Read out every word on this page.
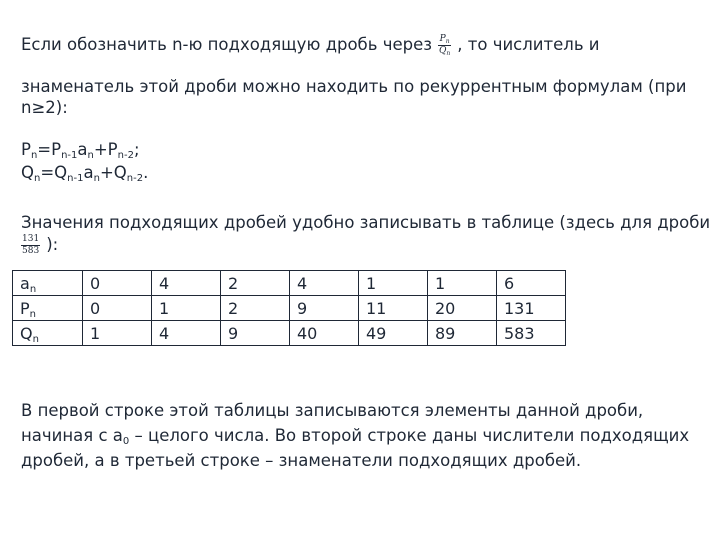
Если обозначить n-ю подходящую дробь через $\frac{P_n}{Q_n}$ , то числитель и
знаменатель этой дроби можно находить по рекуррентным формулам (при
n≥2):
$P_n=P_{n-1}a_n+P_{n-2}$;
$Q_n=Q_{n-1}a_n+Q_{n-2}$.
Значения подходящих дробей удобно записывать в таблице (здесь для дроби
$\frac{131}{583}$ ):
$a_n$	0	4	2	4	1	1	6
$P_n$	0	1	2	9	11	20	131
$Q_n$	1	4	9	40	49	89	583
В первой строке этой таблицы записываются элементы данной дроби,
начиная с $a_0$ – целого числа. Во второй строке даны числители подходящих
дробей, а в третьей строке – знаменатели подходящих дробей.
